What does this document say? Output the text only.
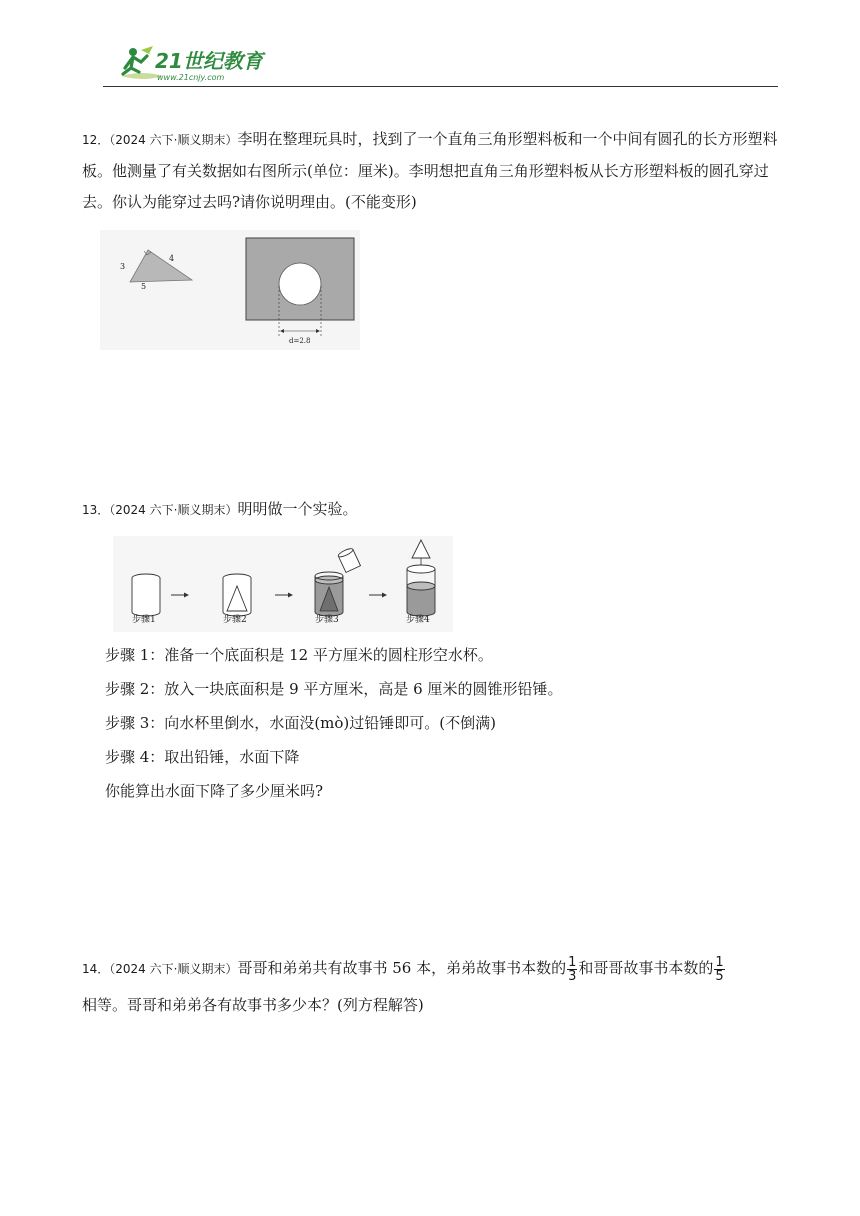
21世纪教育
www.21cnjy.com
12．（2024 六下·顺义期末）李明在整理玩具时，找到了一个直角三角形塑料板和一个中间有圆孔的长方形塑料板。他测量了有关数据如右图所示(单位：厘米)。李明想把直角三角形塑料板从长方形塑料板的圆孔穿过去。你认为能穿过去吗?请你说明理由。(不能变形)
3
4
5
d=2.8
13．（2024 六下·顺义期末）明明做一个实验。
步骤1	步骤2	步骤3	步骤4
步骤 1：准备一个底面积是 12 平方厘米的圆柱形空水杯。
步骤 2：放入一块底面积是 9 平方厘米，高是 6 厘米的圆锥形铅锤。
步骤 3：向水杯里倒水，水面没(mò)过铅锤即可。(不倒满)
步骤 4：取出铅锤，水面下降
你能算出水面下降了多少厘米吗?
14．（2024 六下·顺义期末）哥哥和弟弟共有故事书 56 本，弟弟故事书本数的 $\frac{1}{3}$ 和哥哥故事书本数的 $\frac{1}{5}$

相等。哥哥和弟弟各有故事书多少本？(列方程解答)
